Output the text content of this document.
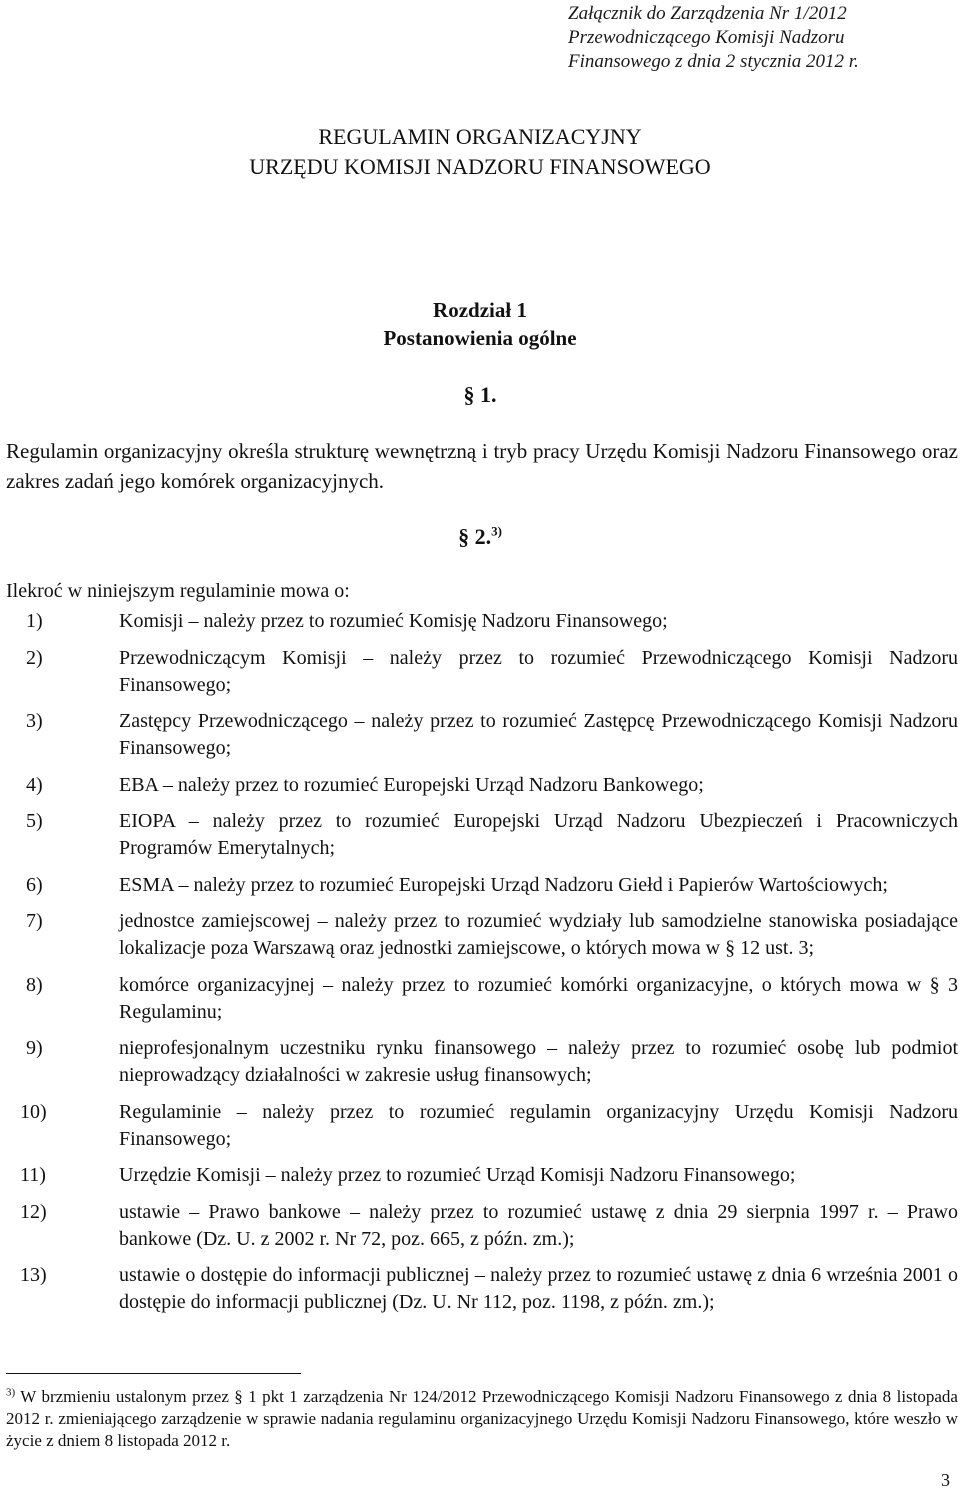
Załącznik do Zarządzenia Nr 1/2012
Przewodniczącego Komisji Nadzoru
Finansowego z dnia 2 stycznia 2012 r.
REGULAMIN ORGANIZACYJNY
URZĘDU KOMISJI NADZORU FINANSOWEGO
Rozdział 1
Postanowienia ogólne
§ 1.
Regulamin organizacyjny określa strukturę wewnętrzną i tryb pracy Urzędu Komisji Nadzoru Finansowego oraz zakres zadań jego komórek organizacyjnych.
§ 2.$^{3)}$
Ilekroć w niniejszym regulaminie mowa o:
1)	Komisji – należy przez to rozumieć Komisję Nadzoru Finansowego;
2)	Przewodniczącym Komisji – należy przez to rozumieć Przewodniczącego Komisji Nadzoru Finansowego;
3)	Zastępcy Przewodniczącego – należy przez to rozumieć Zastępcę Przewodniczącego Komisji Nadzoru Finansowego;
4)	EBA – należy przez to rozumieć Europejski Urząd Nadzoru Bankowego;
5)	EIOPA – należy przez to rozumieć Europejski Urząd Nadzoru Ubezpieczeń i Pracowniczych Programów Emerytalnych;
6)	ESMA – należy przez to rozumieć Europejski Urząd Nadzoru Giełd i Papierów Wartościowych;
7)	jednostce zamiejscowej – należy przez to rozumieć wydziały lub samodzielne stanowiska posiadające lokalizacje poza Warszawą oraz jednostki zamiejscowe, o których mowa w § 12 ust. 3;
8)	komórce organizacyjnej – należy przez to rozumieć komórki organizacyjne, o których mowa w § 3 Regulaminu;
9)	nieprofesjonalnym uczestniku rynku finansowego – należy przez to rozumieć osobę lub podmiot nieprowadzący działalności w zakresie usług finansowych;
10)	Regulaminie – należy przez to rozumieć regulamin organizacyjny Urzędu Komisji Nadzoru Finansowego;
11)	Urzędzie Komisji – należy przez to rozumieć Urząd Komisji Nadzoru Finansowego;
12)	ustawie – Prawo bankowe – należy przez to rozumieć ustawę z dnia 29 sierpnia 1997 r. – Prawo bankowe (Dz. U. z 2002 r. Nr 72, poz. 665, z późn. zm.);
13)	ustawie o dostępie do informacji publicznej – należy przez to rozumieć ustawę z dnia 6 września 2001 o dostępie do informacji publicznej (Dz. U. Nr 112, poz. 1198, z późn. zm.);
$^{3)}$ W brzmieniu ustalonym przez § 1 pkt 1 zarządzenia Nr 124/2012 Przewodniczącego Komisji Nadzoru Finansowego z dnia 8 listopada 2012 r. zmieniającego zarządzenie w sprawie nadania regulaminu organizacyjnego Urzędu Komisji Nadzoru Finansowego, które weszło w życie z dniem 8 listopada 2012 r.
3
